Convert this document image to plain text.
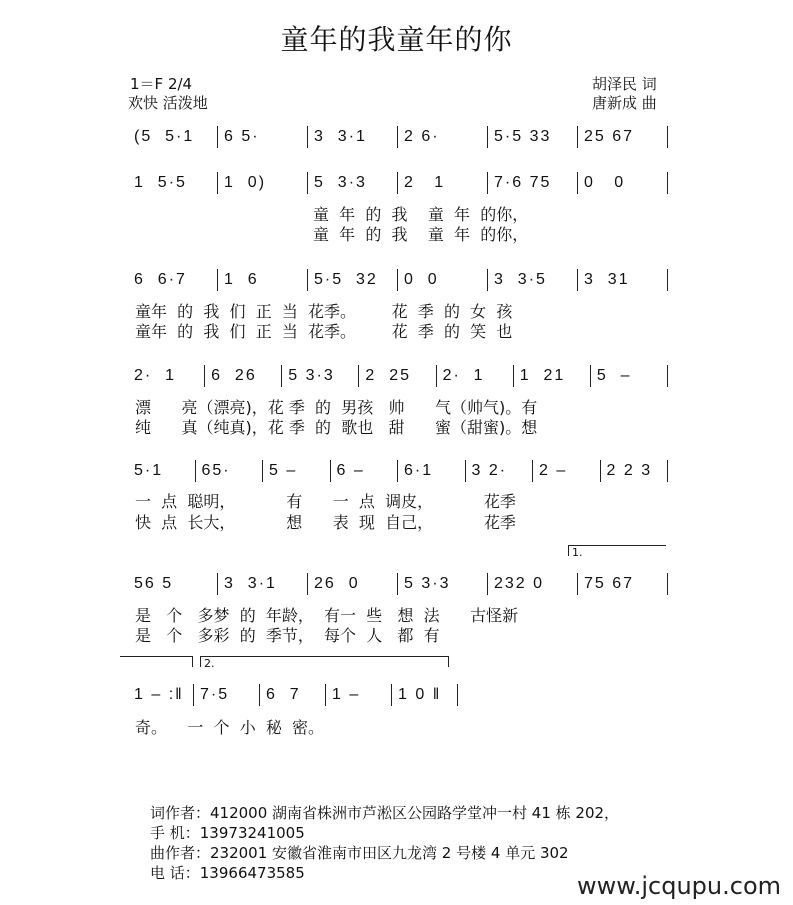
童年的我童年的你
1＝F 2/4
欢快 活泼地
胡泽民 词
唐新成 曲
(5  5·1	6 5·	3  3·1	2 6·	5·5 33	25 67
1  5·5	1  0)	5  3·3	2   1	7·6 75	0   0
童  年  的  我    童  年  的你，
童  年  的  我    童  年  的你，
6  6·7	1  6	5·5  32	0  0	3  3·5	3  31
童年  的  我  们  正  当  花季。       花  季  的  女  孩
童年  的  我  们  正  当  花季。       花  季  的  笑  也
2·  1	6  26	5 3·3	2  25	2·  1	1  21	5  –
漂      亮（漂亮)，花 季  的  男孩   帅      气（帅气)。有
纯      真（纯真)，花 季  的  歌也   甜      蜜（甜蜜)。想
5·1	65·	5 –	6 –	6·1	3 2·	2 –	2 2 3
一  点  聪明，          有      一  点  调皮，          花季
快  点  长大，          想      表  现  自己，          花季
1.
56 5	3  3·1	26  0	5 3·3	232 0	75 67
是   个   多梦  的  年龄，  有一  些   想  法      古怪新
是   个   多彩  的  季节，  每个  人   都  有
2.
1 – :‖	7·5	6  7	1 –	1 0 ‖
奇。    一  个  小  秘  密。
词作者：412000 湖南省株洲市芦淞区公园路学堂冲一村 41 栋 202，
手 机：13973241005
曲作者：232001 安徽省淮南市田区九龙湾 2 号楼 4 单元 302
电 话：13966473585	www.jcqupu.com
